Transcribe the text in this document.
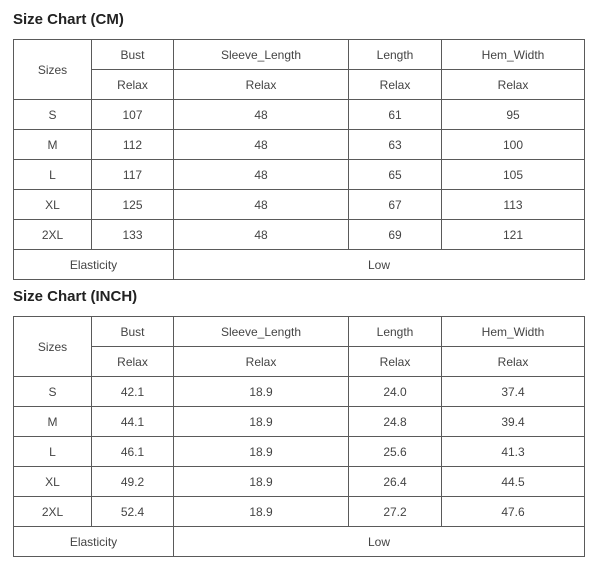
Size Chart (CM)
Sizes	Bust	Sleeve_Length	Length	Hem_Width
	Relax	Relax	Relax	Relax
S	107	48	61	95
M	112	48	63	100
L	117	48	65	105
XL	125	48	67	113
2XL	133	48	69	121
Elasticity		Low		
Size Chart (INCH)
Sizes	Bust	Sleeve_Length	Length	Hem_Width
	Relax	Relax	Relax	Relax
S	42.1	18.9	24.0	37.4
M	44.1	18.9	24.8	39.4
L	46.1	18.9	25.6	41.3
XL	49.2	18.9	26.4	44.5
2XL	52.4	18.9	27.2	47.6
Elasticity		Low		
